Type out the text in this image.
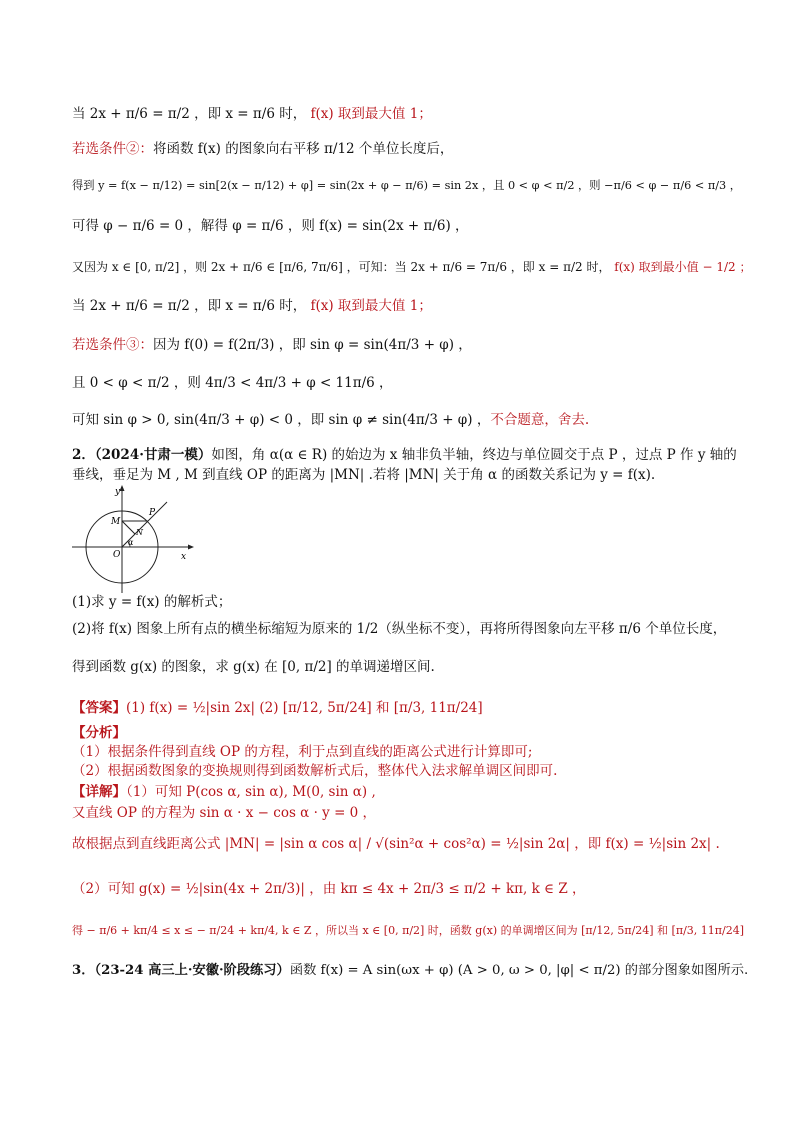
当 2x + π/6 = π/2 ，即 x = π/6 时， f(x) 取到最大值 1；
若选条件②：将函数 f(x) 的图象向右平移 π/12 个单位长度后，
得到 y = f(x − π/12) = sin[2(x − π/12) + φ] = sin(2x + φ − π/6) = sin 2x ，且 0 < φ < π/2 ，则 −π/6 < φ − π/6 < π/3 ，
可得 φ − π/6 = 0 ，解得 φ = π/6 ，则 f(x) = sin(2x + π/6) ，
又因为 x ∈ [0, π/2] ，则 2x + π/6 ∈ [π/6, 7π/6] ，可知：当 2x + π/6 = 7π/6 ，即 x = π/2 时， f(x) 取到最小值 − 1/2 ；
当 2x + π/6 = π/2 ，即 x = π/6 时， f(x) 取到最大值 1；
若选条件③：因为 f(0) = f(2π/3) ，即 sin φ = sin(4π/3 + φ) ，
且 0 < φ < π/2 ，则 4π/3 < 4π/3 + φ < 11π/6 ，
可知 sin φ > 0, sin(4π/3 + φ) < 0 ，即 sin φ ≠ sin(4π/3 + φ) ，不合题意，舍去.
2．（2024·甘肃一模）如图，角 α(α ∈ R) 的始边为 x 轴非负半轴，终边与单位圆交于点 P ，过点 P 作 y 轴的
垂线，垂足为 M , M 到直线 OP 的距离为 |MN| .若将 |MN| 关于角 α 的函数关系记为 y = f(x).
(1)求 y = f(x) 的解析式；
(2)将 f(x) 图象上所有点的横坐标缩短为原来的 1/2（纵坐标不变），再将所得图象向左平移 π/6 个单位长度，
得到函数 g(x) 的图象，求 g(x) 在 [0, π/2] 的单调递增区间.
【答案】(1) f(x) = ½|sin 2x| (2) [π/12, 5π/24] 和 [π/3, 11π/24]
【分析】
（1）根据条件得到直线 OP 的方程，利于点到直线的距离公式进行计算即可;
（2）根据函数图象的变换规则得到函数解析式后，整体代入法求解单调区间即可.
【详解】（1）可知 P(cos α, sin α), M(0, sin α) ,
又直线 OP 的方程为 sin α · x − cos α · y = 0 ，
故根据点到直线距离公式 |MN| = |sin α cos α| / √(sin²α + cos²α) = ½|sin 2α| ，即 f(x) = ½|sin 2x| .
（2）可知 g(x) = ½|sin(4x + 2π/3)| ，由 kπ ≤ 4x + 2π/3 ≤ π/2 + kπ, k ∈ Z ，
得 − π/6 + kπ/4 ≤ x ≤ − π/24 + kπ/4, k ∈ Z ，所以当 x ∈ [0, π/2] 时，函数 g(x) 的单调增区间为 [π/12, 5π/24] 和 [π/3, 11π/24]
3．（23-24 高三上·安徽·阶段练习）函数 f(x) = A sin(ωx + φ) (A > 0, ω > 0, |φ| < π/2) 的部分图象如图所示.
y
x
O
M
N
P
α
